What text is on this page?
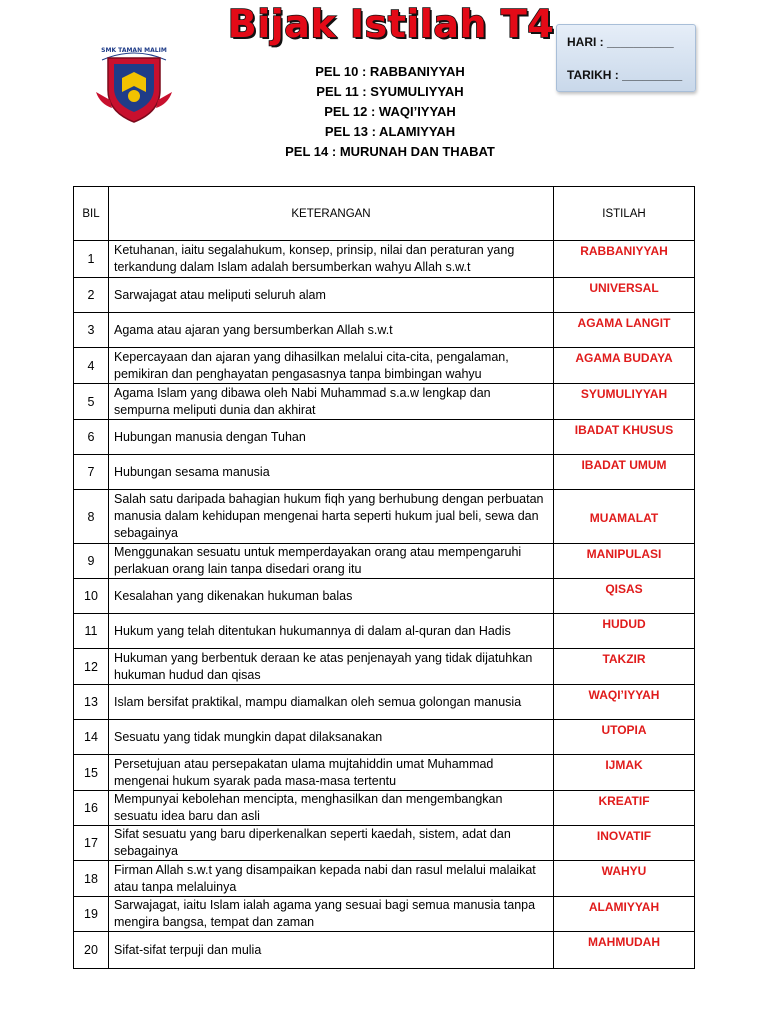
SMK TAMAN MALIM
Bijak Istilah T4 HARI : __________
TARIKH : _________
PEL 10 : RABBANIYYAH
PEL 11 : SYUMULIYYAH
PEL 12 : WAQI’IYYAH
PEL 13 : ALAMIYYAH
PEL 14 : MURUNAH DAN THABAT
BIL	KETERANGAN	ISTILAH
1	Ketuhanan, iaitu segalahukum, konsep, prinsip, nilai dan peraturan yang terkandung dalam Islam adalah bersumberkan wahyu Allah s.w.t	RABBANIYYAH
2	Sarwajagat atau meliputi seluruh alam	UNIVERSAL
3	Agama atau ajaran yang bersumberkan Allah s.w.t	AGAMA LANGIT
4	Kepercayaan dan ajaran yang dihasilkan melalui cita-cita, pengalaman, pemikiran dan penghayatan pengasasnya tanpa bimbingan wahyu	AGAMA BUDAYA
5	Agama Islam yang dibawa oleh Nabi Muhammad s.a.w lengkap dan sempurna meliputi dunia dan akhirat	SYUMULIYYAH
6	Hubungan manusia dengan Tuhan	IBADAT KHUSUS
7	Hubungan sesama manusia	IBADAT UMUM
8	Salah satu daripada bahagian hukum fiqh yang berhubung dengan perbuatan manusia dalam kehidupan mengenai harta seperti hukum jual beli, sewa dan sebagainya	MUAMALAT
9	Menggunakan sesuatu untuk memperdayakan orang atau mempengaruhi perlakuan orang lain tanpa disedari orang itu	MANIPULASI
10	Kesalahan yang dikenakan hukuman balas	QISAS
11	Hukum yang telah ditentukan hukumannya di dalam al-quran dan Hadis	HUDUD
12	Hukuman yang berbentuk deraan ke atas penjenayah yang tidak dijatuhkan hukuman hudud dan qisas	TAKZIR
13	Islam bersifat praktikal, mampu diamalkan oleh semua golongan manusia	WAQI’IYYAH
14	Sesuatu yang tidak mungkin dapat dilaksanakan	UTOPIA
15	Persetujuan atau persepakatan ulama mujtahiddin umat Muhammad mengenai hukum syarak pada masa-masa tertentu	IJMAK
16	Mempunyai kebolehan mencipta, menghasilkan dan mengembangkan sesuatu idea baru dan asli	KREATIF
17	Sifat sesuatu yang baru diperkenalkan seperti kaedah, sistem, adat dan sebagainya	INOVATIF
18	Firman Allah s.w.t yang disampaikan kepada nabi dan rasul melalui malaikat atau tanpa melaluinya	WAHYU
19	Sarwajagat, iaitu Islam ialah agama yang sesuai bagi semua manusia tanpa mengira bangsa, tempat dan zaman	ALAMIYYAH
20	Sifat-sifat terpuji dan mulia	MAHMUDAH
